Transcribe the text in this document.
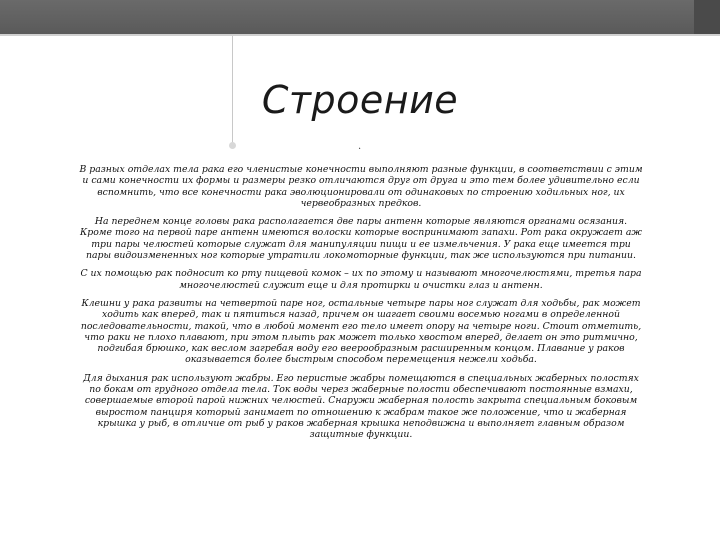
Строение
.

В разных отделах тела рака его членистые конечности выполняют разные функции, в соответствии с этим и сами конечности их формы и размеры резко отличаются друг от друга и это тем более удивительно если вспомнить, что все конечности рака эволюционировали от одинаковых по строению ходильных ног, их червеобразных предков.

На переднем конце головы рака располагается две пары антенн которые являются органами осязания. Кроме того на первой паре антенн имеются волоски которые воспринимают запахи. Рот рака окружает аж три пары челюстей которые служат для манипуляции пищи и ее измельчения. У рака еще имеется три пары видоизмененных ног которые утратили локомоторные функции, так же используются при питании.

С их помощью рак подносит ко рту пищевой комок – их по этому и называют многочелюстями, третья пара многочелюстей служит еще и для протирки и очистки глаз и антенн.

Клешни у рака развиты на четвертой паре ног, остальные четыре пары ног служат для ходьбы, рак может ходить как вперед, так и пятиться назад, причем он шагает своими восемью ногами в определенной последовательности, такой, что в любой момент его тело имеет опору на четыре ноги. Стоит отметить, что раки не плохо плавают, при этом плыть рак может только хвостом вперед, делает он это ритмично, подгибая брюшко, как веслом загребая воду его веерообразным расширенным концом. Плавание у раков оказывается более быстрым способом перемещения нежели ходьба.

Для дыхания рак используют жабры. Его перистые жабры помещаются в специальных жаберных полостях по бокам от грудного отдела тела. Ток воды через жаберные полости обеспечивают постоянные взмахи, совершаемые второй парой нижних челюстей. Снаружи жаберная полость закрыта специальным боковым выростом панциря который занимает по отношению к жабрам такое же положение, что и жаберная крышка у рыб, в отличие от рыб у раков жаберная крышка неподвижна и выполняет главным образом защитные функции.
